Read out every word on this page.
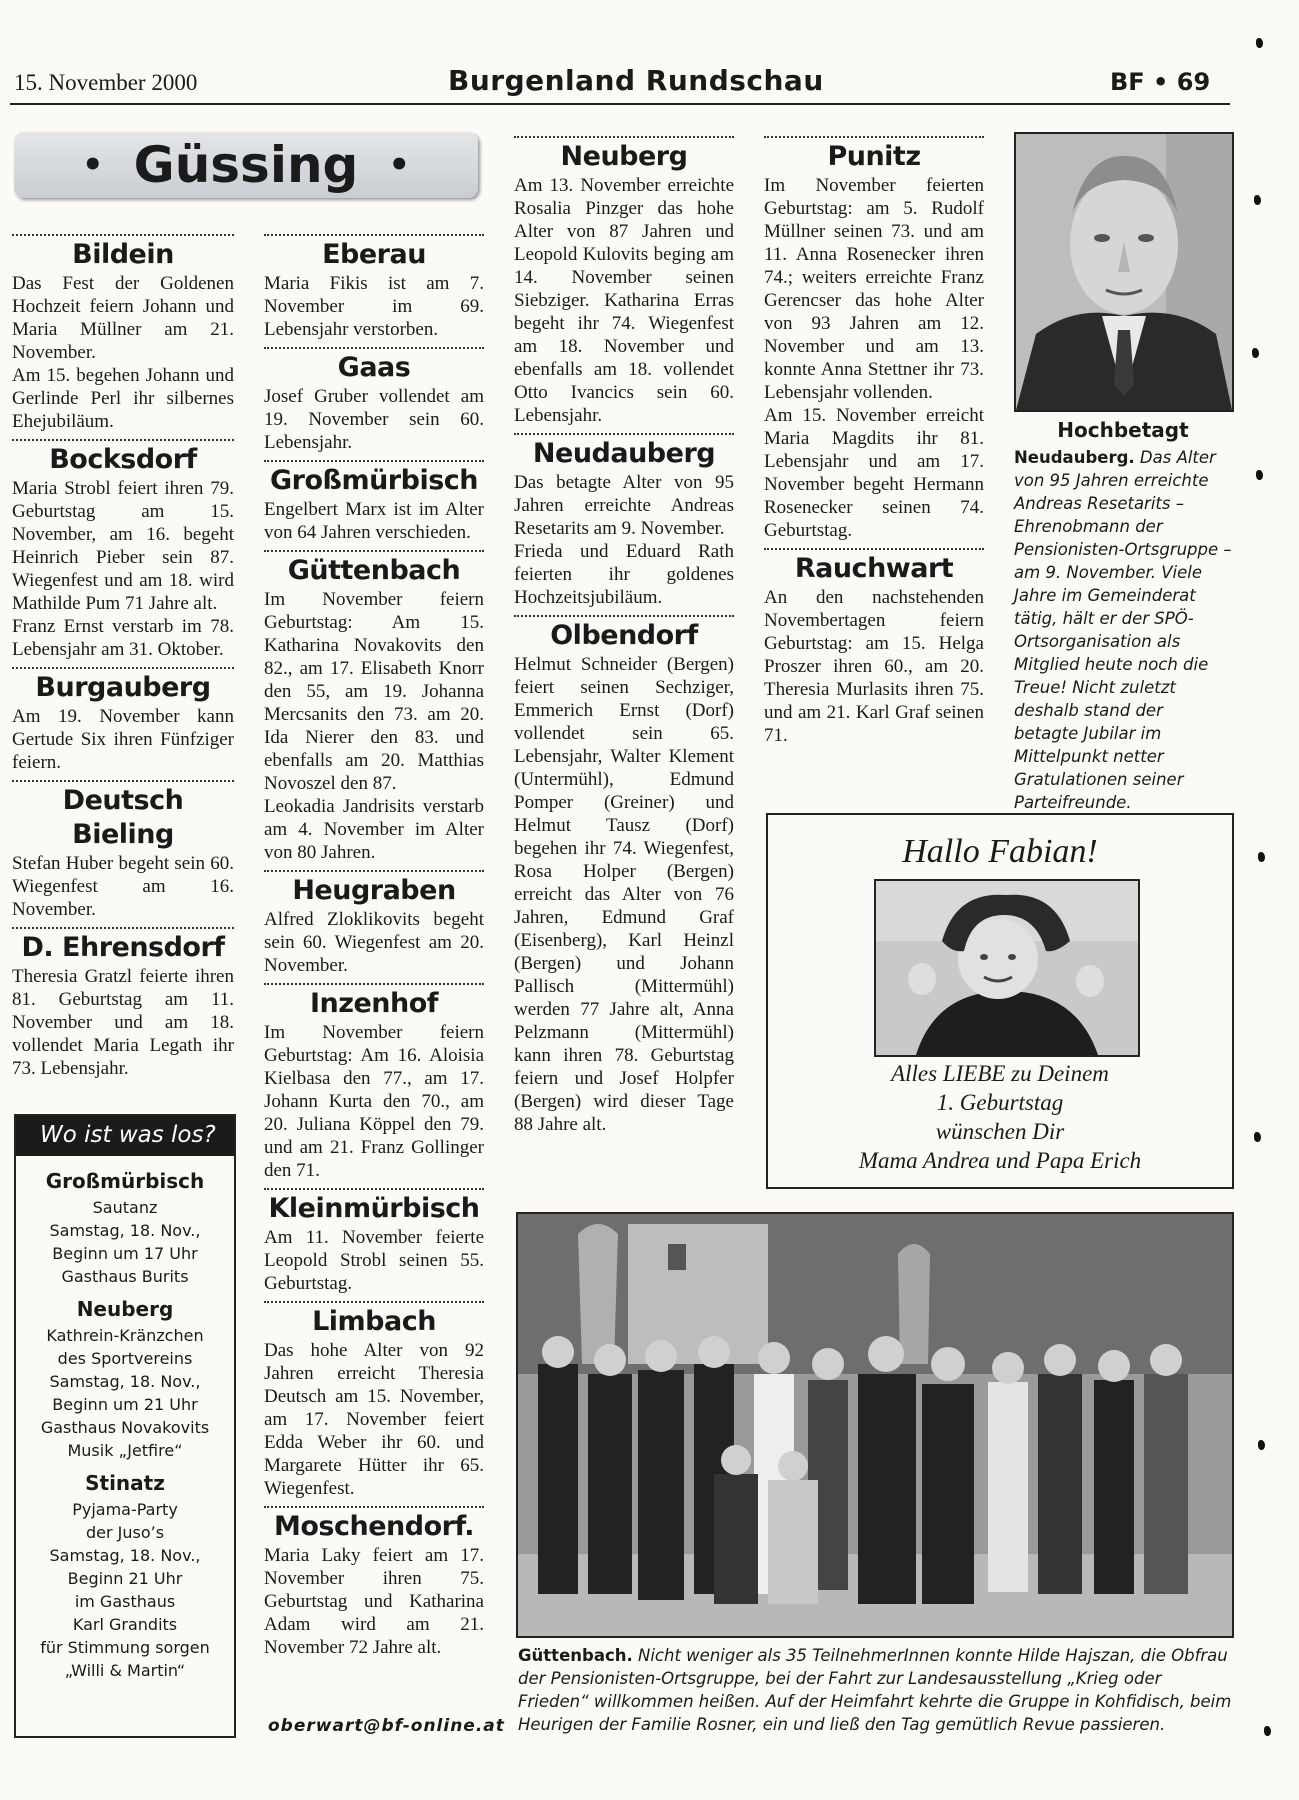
15. November 2000	Burgenland Rundschau	BF • 69
• Güssing •
Bildein

Das Fest der Goldenen Hochzeit feiern Johann und Maria Müllner am 21. November.

Am 15. begehen Johann und Gerlinde Perl ihr silbernes Ehejubiläum.

Bocksdorf

Maria Strobl feiert ihren 79. Geburtstag am 15. November, am 16. begeht Heinrich Pieber sein 87. Wiegenfest und am 18. wird Mathilde Pum 71 Jahre alt.

Franz Ernst verstarb im 78. Lebensjahr am 31. Oktober.

Burgauberg

Am 19. November kann Gertude Six ihren Fünfziger feiern.

Deutsch Bieling

Stefan Huber begeht sein 60. Wiegenfest am 16. November.

D. Ehrensdorf

Theresia Gratzl feierte ihren 81. Geburtstag am 11. November und am 18. vollendet Maria Legath ihr 73. Lebensjahr.

Wo ist was los?
Großmürbisch
Sautanz
Samstag, 18. Nov.,
Beginn um 17 Uhr
Gasthaus Burits
Neuberg
Kathrein-Kränzchen
des Sportvereins
Samstag, 18. Nov.,
Beginn um 21 Uhr
Gasthaus Novakovits
Musik „Jetfire“
Stinatz
Pyjama-Party
der Juso’s
Samstag, 18. Nov.,
Beginn 21 Uhr
im Gasthaus
Karl Grandits
für Stimmung sorgen
„Willi & Martin“
Eberau

Maria Fikis ist am 7. November im 69. Lebensjahr verstorben.

Gaas

Josef Gruber vollendet am 19. November sein 60. Lebensjahr.

Großmürbisch

Engelbert Marx ist im Alter von 64 Jahren verschieden.

Güttenbach

Im November feiern Geburtstag: Am 15. Katharina Novakovits den 82., am 17. Elisabeth Knorr den 55, am 19. Johanna Mercsanits den 73. am 20. Ida Nierer den 83. und ebenfalls am 20. Matthias Novoszel den 87.

Leokadia Jandrisits verstarb am 4. November im Alter von 80 Jahren.

Heugraben

Alfred Zloklikovits begeht sein 60. Wiegenfest am 20. November.

Inzenhof

Im November feiern Geburtstag: Am 16. Aloisia Kielbasa den 77., am 17. Johann Kurta den 70., am 20. Juliana Köppel den 79. und am 21. Franz Gollinger den 71.

Kleinmürbisch

Am 11. November feierte Leopold Strobl seinen 55. Geburtstag.

Limbach

Das hohe Alter von 92 Jahren erreicht Theresia Deutsch am 15. November, am 17. November feiert Edda Weber ihr 60. und Margarete Hütter ihr 65. Wiegenfest.

Moschendorf.

Maria Laky feiert am 17. November ihren 75. Geburtstag und Katharina Adam wird am 21. November 72 Jahre alt.

oberwart@bf-online.at
Neuberg

Am 13. November erreichte Rosalia Pinzger das hohe Alter von 87 Jahren und Leopold Kulovits beging am 14. November seinen Siebziger. Katharina Erras begeht ihr 74. Wiegenfest am 18. November und ebenfalls am 18. vollendet Otto Ivancics sein 60. Lebensjahr.

Neudauberg

Das betagte Alter von 95 Jahren erreichte Andreas Resetarits am 9. November.

Frieda und Eduard Rath feierten ihr goldenes Hochzeitsjubiläum.

Olbendorf

Helmut Schneider (Bergen) feiert seinen Sechziger, Emmerich Ernst (Dorf) vollendet sein 65. Lebensjahr, Walter Klement (Untermühl), Edmund Pomper (Greiner) und Helmut Tausz (Dorf) begehen ihr 74. Wiegenfest, Rosa Holper (Bergen) erreicht das Alter von 76 Jahren, Edmund Graf (Eisenberg), Karl Heinzl (Bergen) und Johann Pallisch (Mittermühl) werden 77 Jahre alt, Anna Pelzmann (Mittermühl) kann ihren 78. Geburtstag feiern und Josef Holpfer (Bergen) wird dieser Tage 88 Jahre alt.

Punitz

Im November feierten Geburtstag: am 5. Rudolf Müllner seinen 73. und am 11. Anna Rosenecker ihren 74.; weiters erreichte Franz Gerencser das hohe Alter von 93 Jahren am 12. November und am 13. konnte Anna Stettner ihr 73. Lebensjahr vollenden.

Am 15. November erreicht Maria Magdits ihr 81. Lebensjahr und am 17. November begeht Hermann Rosenecker seinen 74. Geburtstag.

Rauchwart

An den nachstehenden Novembertagen feiern Geburtstag: am 15. Helga Proszer ihren 60., am 20. Theresia Murlasits ihren 75. und am 21. Karl Graf seinen 71.

Hochbetagt

Neudauberg. Das Alter von 95 Jahren erreichte Andreas Resetarits – Ehrenobmann der Pensionisten-Ortsgruppe – am 9. November. Viele Jahre im Gemeinderat tätig, hält er der SPÖ-Ortsorganisation als Mitglied heute noch die Treue! Nicht zuletzt deshalb stand der betagte Jubilar im Mittelpunkt netter Gratulationen seiner Parteifreunde.

Hallo Fabian!
Alles LIEBE zu Deinem
1. Geburtstag
wünschen Dir
Mama Andrea und Papa Erich
Güttenbach. Nicht weniger als 35 TeilnehmerInnen konnte Hilde Hajszan, die Obfrau der Pensionisten-Ortsgruppe, bei der Fahrt zur Landesausstellung „Krieg oder Frieden“ willkommen heißen. Auf der Heimfahrt kehrte die Gruppe in Kohfidisch, beim Heurigen der Familie Rosner, ein und ließ den Tag gemütlich Revue passieren.
